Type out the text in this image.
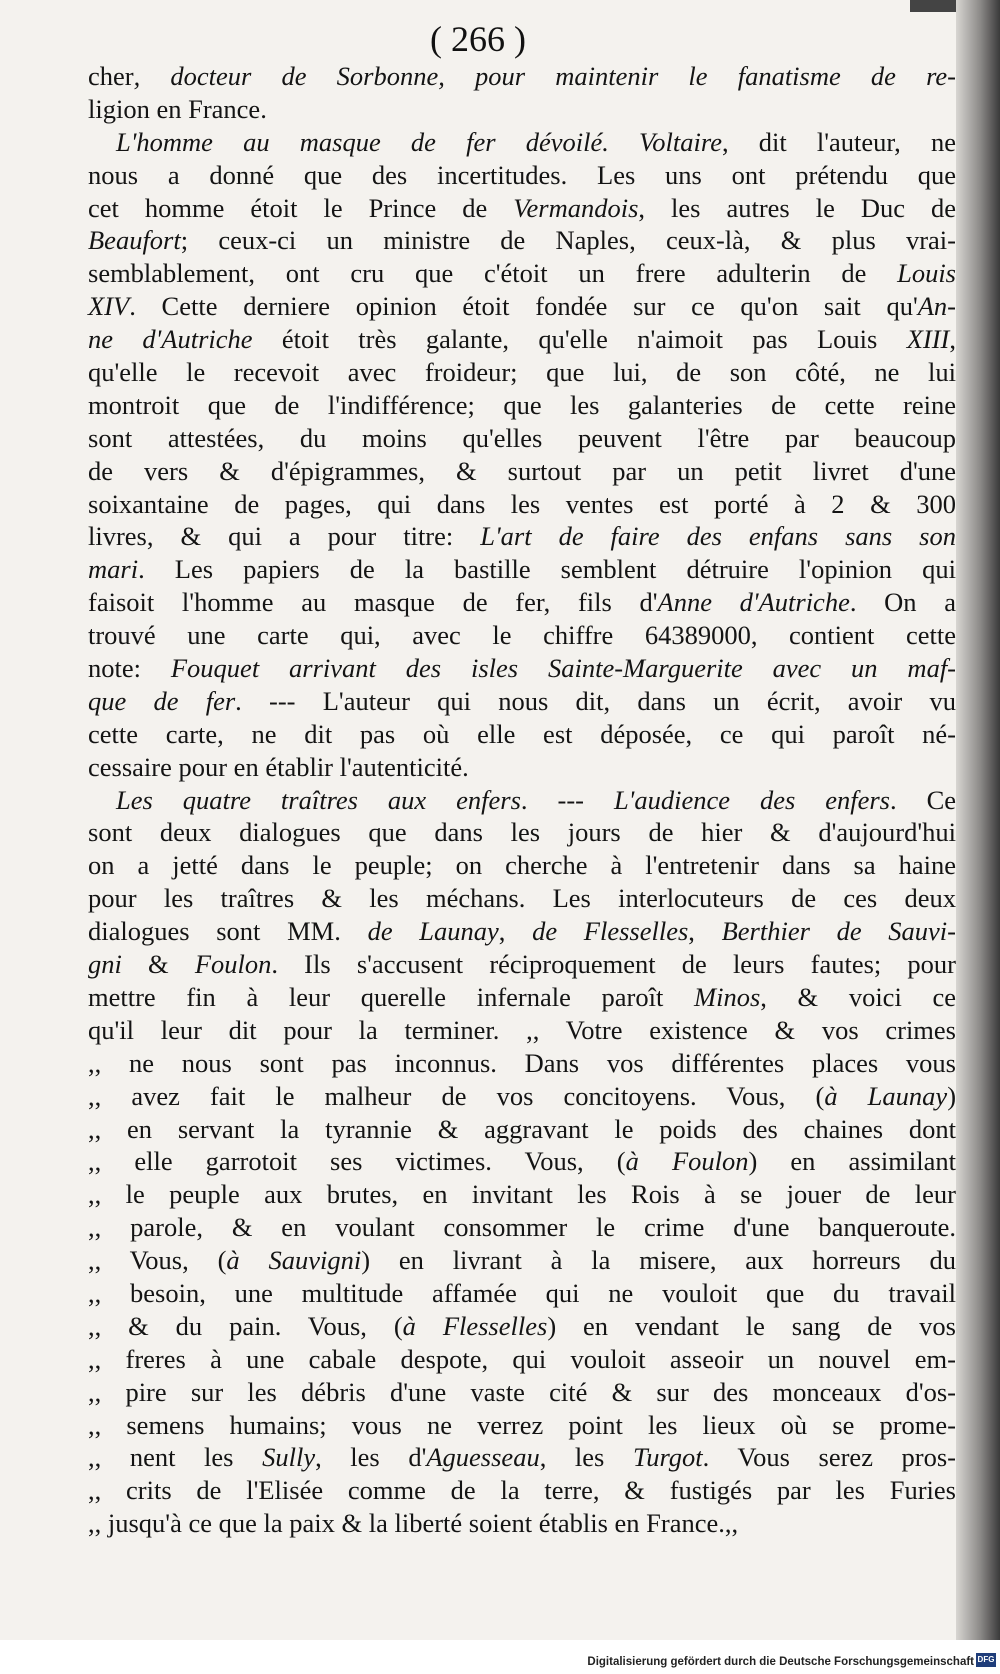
( 266 )
cher, docteur de Sorbonne, pour maintenir le fanatisme de re-
ligion en France.
L'homme au masque de fer dévoilé. Voltaire, dit l'auteur, ne
nous a donné que des incertitudes. Les uns ont prétendu que
cet homme étoit le Prince de Vermandois, les autres le Duc de
Beaufort; ceux-ci un ministre de Naples, ceux-là, & plus vrai-
semblablement, ont cru que c'étoit un frere adulterin de Louis
XIV. Cette derniere opinion étoit fondée sur ce qu'on sait qu'An-
ne d'Autriche étoit très galante, qu'elle n'aimoit pas Louis XIII,
qu'elle le recevoit avec froideur; que lui, de son côté, ne lui
montroit que de l'indifférence; que les galanteries de cette reine
sont attestées, du moins qu'elles peuvent l'être par beaucoup
de vers & d'épigrammes, & surtout par un petit livret d'une
soixantaine de pages, qui dans les ventes est porté à 2 & 300
livres, & qui a pour titre: L'art de faire des enfans sans son
mari. Les papiers de la bastille semblent détruire l'opinion qui
faisoit l'homme au masque de fer, fils d'Anne d'Autriche. On a
trouvé une carte qui, avec le chiffre 64389000, contient cette
note: Fouquet arrivant des isles Sainte-Marguerite avec un maf-
que de fer. --- L'auteur qui nous dit, dans un écrit, avoir vu
cette carte, ne dit pas où elle est déposée, ce qui paroît né-
cessaire pour en établir l'autenticité.
Les quatre traîtres aux enfers. --- L'audience des enfers. Ce
sont deux dialogues que dans les jours de hier & d'aujourd'hui
on a jetté dans le peuple; on cherche à l'entretenir dans sa haine
pour les traîtres & les méchans. Les interlocuteurs de ces deux
dialogues sont MM. de Launay, de Flesselles, Berthier de Sauvi-
gni & Foulon. Ils s'accusent réciproquement de leurs fautes; pour
mettre fin à leur querelle infernale paroît Minos, & voici ce
qu'il leur dit pour la terminer. ,, Votre existence & vos crimes
,, ne nous sont pas inconnus. Dans vos différentes places vous
,, avez fait le malheur de vos concitoyens. Vous, (à Launay)
,, en servant la tyrannie & aggravant le poids des chaines dont
,, elle garrotoit ses victimes. Vous, (à Foulon) en assimilant
,, le peuple aux brutes, en invitant les Rois à se jouer de leur
,, parole, & en voulant consommer le crime d'une banqueroute.
,, Vous, (à Sauvigni) en livrant à la misere, aux horreurs du
,, besoin, une multitude affamée qui ne vouloit que du travail
,, & du pain. Vous, (à Flesselles) en vendant le sang de vos
,, freres à une cabale despote, qui vouloit asseoir un nouvel em-
,, pire sur les débris d'une vaste cité & sur des monceaux d'os-
,, semens humains; vous ne verrez point les lieux où se prome-
,, nent les Sully, les d'Aguesseau, les Turgot. Vous serez pros-
,, crits de l'Elisée comme de la terre, & fustigés par les Furies
,, jusqu'à ce que la paix & la liberté soient établis en France.,,
Digitalisierung gefördert durch die Deutsche Forschungsgemeinschaft DFG
